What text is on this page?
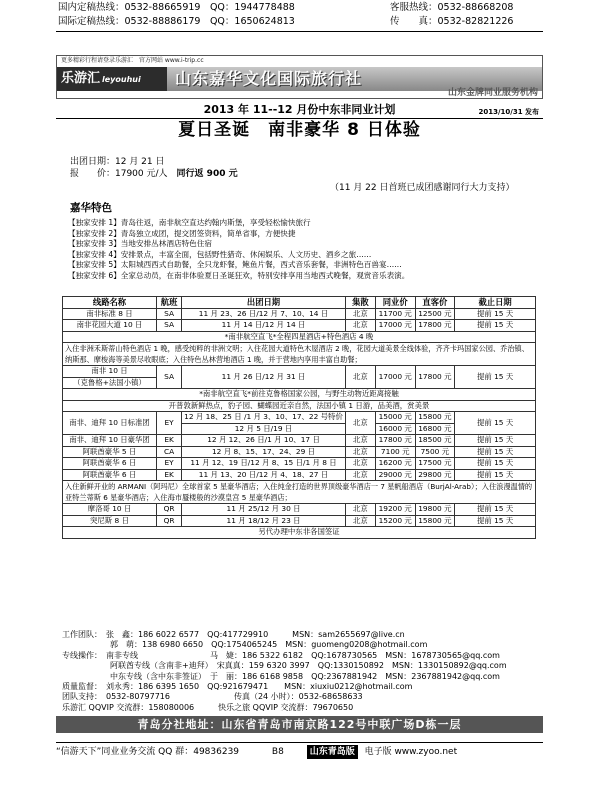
国内定稿热线：0532-88665919　QQ：1944778488
国际定稿热线：0532-88886179　QQ：1650624813
客服热线：0532-88668208
传　　真：0532-82821226
更多精彩行程请登录乐游汇　官方网站 www.i-trip.cc
乐游汇 leyouhui	山东嘉华文化国际旅行社
山东金牌同业服务机构
2013 年 11--12 月份中东非同业计划	2013/10/31 发布
夏日圣诞　南非豪华 8 日体验
出团日期：12 月 21 日
报　　价：17900 元/人　 同行返 900 元
（11 月 22 日首班已成团感谢同行大力支持）
嘉华特色
【独家安排 1】青岛往返，南非航空直达约翰内斯堡，享受轻松愉快旅行
【独家安排 2】青岛独立成团，提交团签资料，简单省事，方便快捷
【独家安排 3】当地安排丛林酒店特色住宿
【独家安排 4】安排景点，丰富全面，包括野性猎奇、休闲娱乐、人文历史、酒乡之旅……
【独家安排 5】太阳城西西式自助餐，全只龙虾餐，鲍鱼片餐，西式音乐套餐，非洲特色百兽宴……
【独家安排 6】全家总动员，在南非体验夏日圣诞狂欢，特别安排享用当地西式晚餐，观赏音乐表演。
线路名称	航班	出团日期	集散	同业价	直客价	截止日期
南非标准 8 日	SA	11 月 23、26 日/12 月 7、10、14 日	北京	11700 元	12500 元	提前 15 天
南非花园大道 10 日	SA	11 月 14 日/12 月 14 日	北京	17000 元	17800 元	提前 15 天
*南非航空直飞*全程四星酒店+特色酒店 4 晚						
入住非洲禾斯蒂山特色酒店 1 晚，感受纯粹的非洲文明；入住花园大道特色木屋酒店 2 晚，花园大道美景全线体验，齐齐卡玛国家公园、乔治镇、纳斯那、摩梭海等美景尽收眼底；入住特色丛林营地酒店 1 晚，并于营地内享用丰富自助餐；						
南非 10 日	SA	11 月 26 日/12 月 31 日	北京	17000 元	17800 元	提前 15 天
（克鲁格+法国小镇）						
*南非航空直飞*前往克鲁格国家公园，与野生动物近距离接触						
开普敦新鲜热点，豹子园、蝴蝶园近亲自然，法国小镇 1 日游，品美酒，赏美景						
南非、迪拜 10 日标准团	EY	12 月 18、25 日 /1 月 3、10、17、22 号特价	北京	15000 元	15800 元	提前 15 天
		12 月 5 日/19 日		16000 元	16800 元	
南非、迪拜 10 日豪华团	EK	12 月 12、26 日/1 月 10、17 日	北京	17800 元	18500 元	提前 15 天
阿联酋豪华 5 日	CA	12 月 8、15、17、24、29 日	北京	7100 元	7500 元	提前 15 天
阿联酋豪华 6 日	EY	11 月 12、19 日/12 月 8、15 日/1 月 8 日	北京	16200 元	17500 元	提前 15 天
阿联酋豪华 6 日	EK	11 月 13、20 日/12 月 4、18、27 日	北京	29000 元	29800 元	提前 15 天
入住新鲜开业的 ARMANI（阿玛尼）全球首家 5 星豪华酒店；入住纯金打造的世界顶级豪华酒店一 7 星帆船酒店（BurjAl-Arab）；入住浪漫温情的亚特兰蒂斯 6 星豪华酒店；入住海市蜃楼般的沙漠皇宫 5 星豪华酒店；						
摩洛哥 10 日	QR	11 月 25/12 月 30 日	北京	19200 元	19800 元	提前 15 天
突尼斯 8 日	QR	11 月 18/12 月 23 日	北京	15200 元	15800 元	提前 15 天
另代办理中东非各国签证						
工作团队：　张　鑫：186 6022 6577　QQ:417729910　　　MSN：sam2655697@live.cn
　　　　　　郭　萌：138 6980 6650　QQ:1754065245　MSN：guomeng0208@hotmail.com
专线操作：　南非专线　　　　　　　　　马　婕：186 5322 6182　QQ:1678730565　MSN：1678730565@qq.com
　　　　　　阿联酋专线（含南非+迪拜）　宋真真：159 6320 3997　QQ:1330150892　MSN：1330150892@qq.com
　　　　　　中东专线（含中东非签证）　于　丽：186 6168 9858　QQ:2367881942　MSN：2367881942@qq.com
质量监督：　刘永秀：186 6395 1650　QQ:921679471　　MSN：xiuxiu0212@hotmail.com
团队支持：　0532-80797716　　　　　　　　传真（24 小时）：0532-68658633
乐游汇 QQVIP 交流群：158080006　　　快乐之旅 QQVIP 交流群：79670650
青岛分社地址：山东省青岛市南京路122号中联广场D栋一层
“信游天下”同业业务交流 QQ 群：49836239	B8	山东青岛版 电子版 www.zyoo.net
